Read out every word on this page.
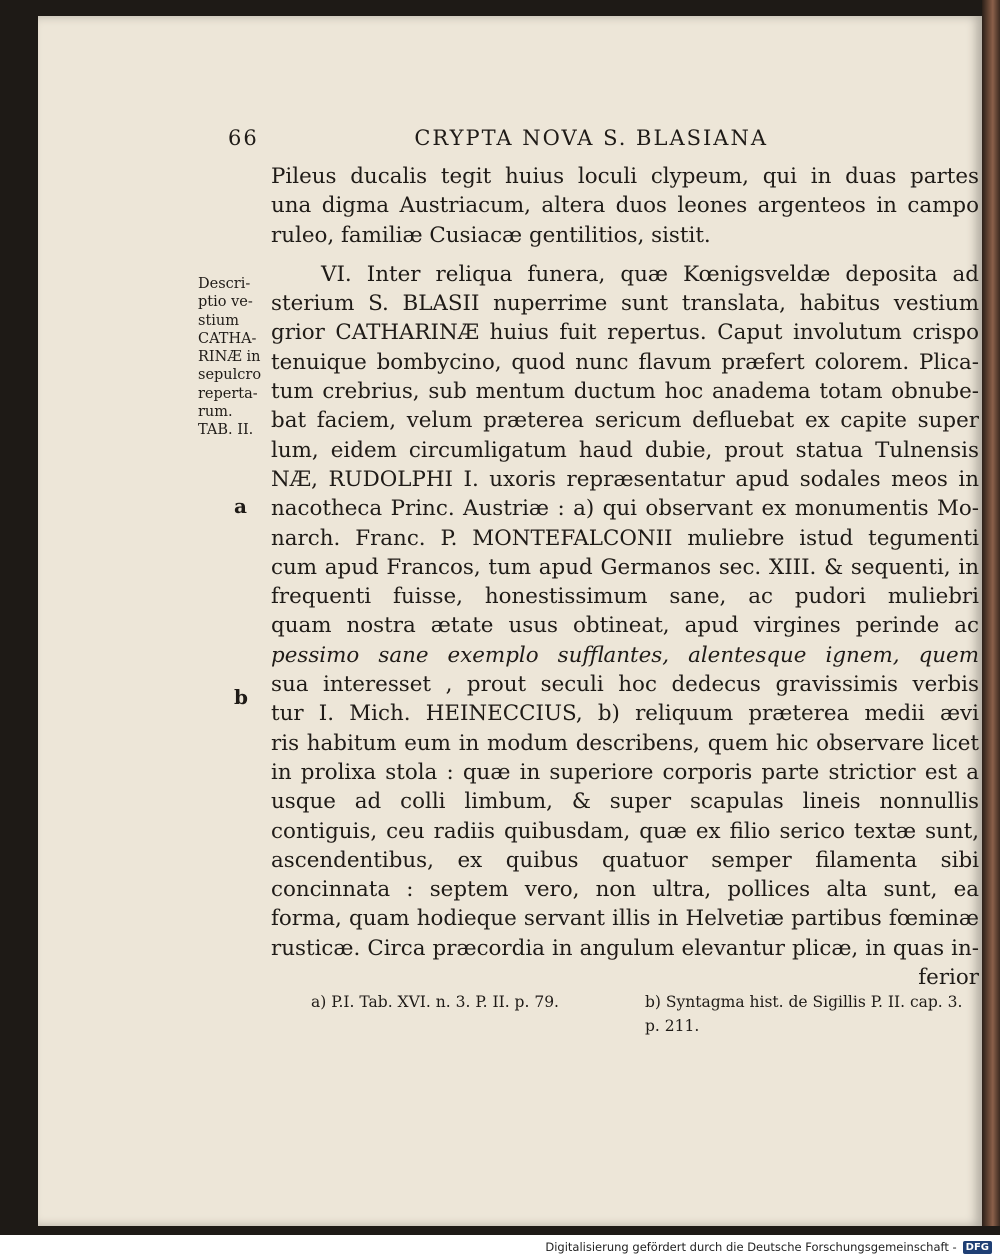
66	CRYPTA NOVA S. BLASIANA
Pileus ducalis tegit huius loculi clypeum, qui in duas partes
una digma Austriacum, altera duos leones argenteos in campo
ruleo, familiæ Cusiacæ gentilitios, sistit.
VI. Inter reliqua funera, quæ Kœnigsveldæ deposita ad
sterium S. BLASII nuperrime sunt translata, habitus vestium
grior CATHARINÆ huius fuit repertus. Caput involutum crispo
tenuique bombycino, quod nunc flavum præfert colorem. Plica-
tum crebrius, sub mentum ductum hoc anadema totam obnube-
bat faciem, velum præterea sericum defluebat ex capite super
lum, eidem circumligatum haud dubie, prout statua Tulnensis
NÆ, RUDOLPHI I. uxoris repræsentatur apud sodales meos in
nacotheca Princ. Austriæ : a) qui observant ex monumentis Mo-
narch. Franc. P. MONTEFALCONII muliebre istud tegumenti
cum apud Francos, tum apud Germanos sec. XIII. & sequenti, in
frequenti fuisse, honestissimum sane, ac pudori muliebri
quam nostra ætate usus obtineat, apud virgines perinde ac
pessimo sane exemplo sufflantes, alentesque ignem, quem
sua interesset , prout seculi hoc dedecus gravissimis verbis
tur I. Mich. HEINECCIUS, b) reliquum præterea medii ævi
ris habitum eum in modum describens, quem hic observare licet
in prolixa stola : quæ in superiore corporis parte strictior est a
usque ad colli limbum, & super scapulas lineis nonnullis
contiguis, ceu radiis quibusdam, quæ ex filio serico textæ sunt,
ascendentibus, ex quibus quatuor semper filamenta sibi
concinnata : septem vero, non ultra, pollices alta sunt, ea
forma, quam hodieque servant illis in Helvetiæ partibus fœminæ
rusticæ. Circa præcordia in angulum elevantur plicæ, in quas in-
ferior
Descri-
ptio ve-
stium
CATHA-
RINÆ in
sepulcro
reperta-
rum.
TAB. II.
a
b
a) P.I. Tab. XVI. n. 3. P. II. p. 79.	b) Syntagma hist. de Sigillis P. II. cap. 3. p. 211.
Digitalisierung gefördert durch die Deutsche Forschungsgemeinschaft - DFG
